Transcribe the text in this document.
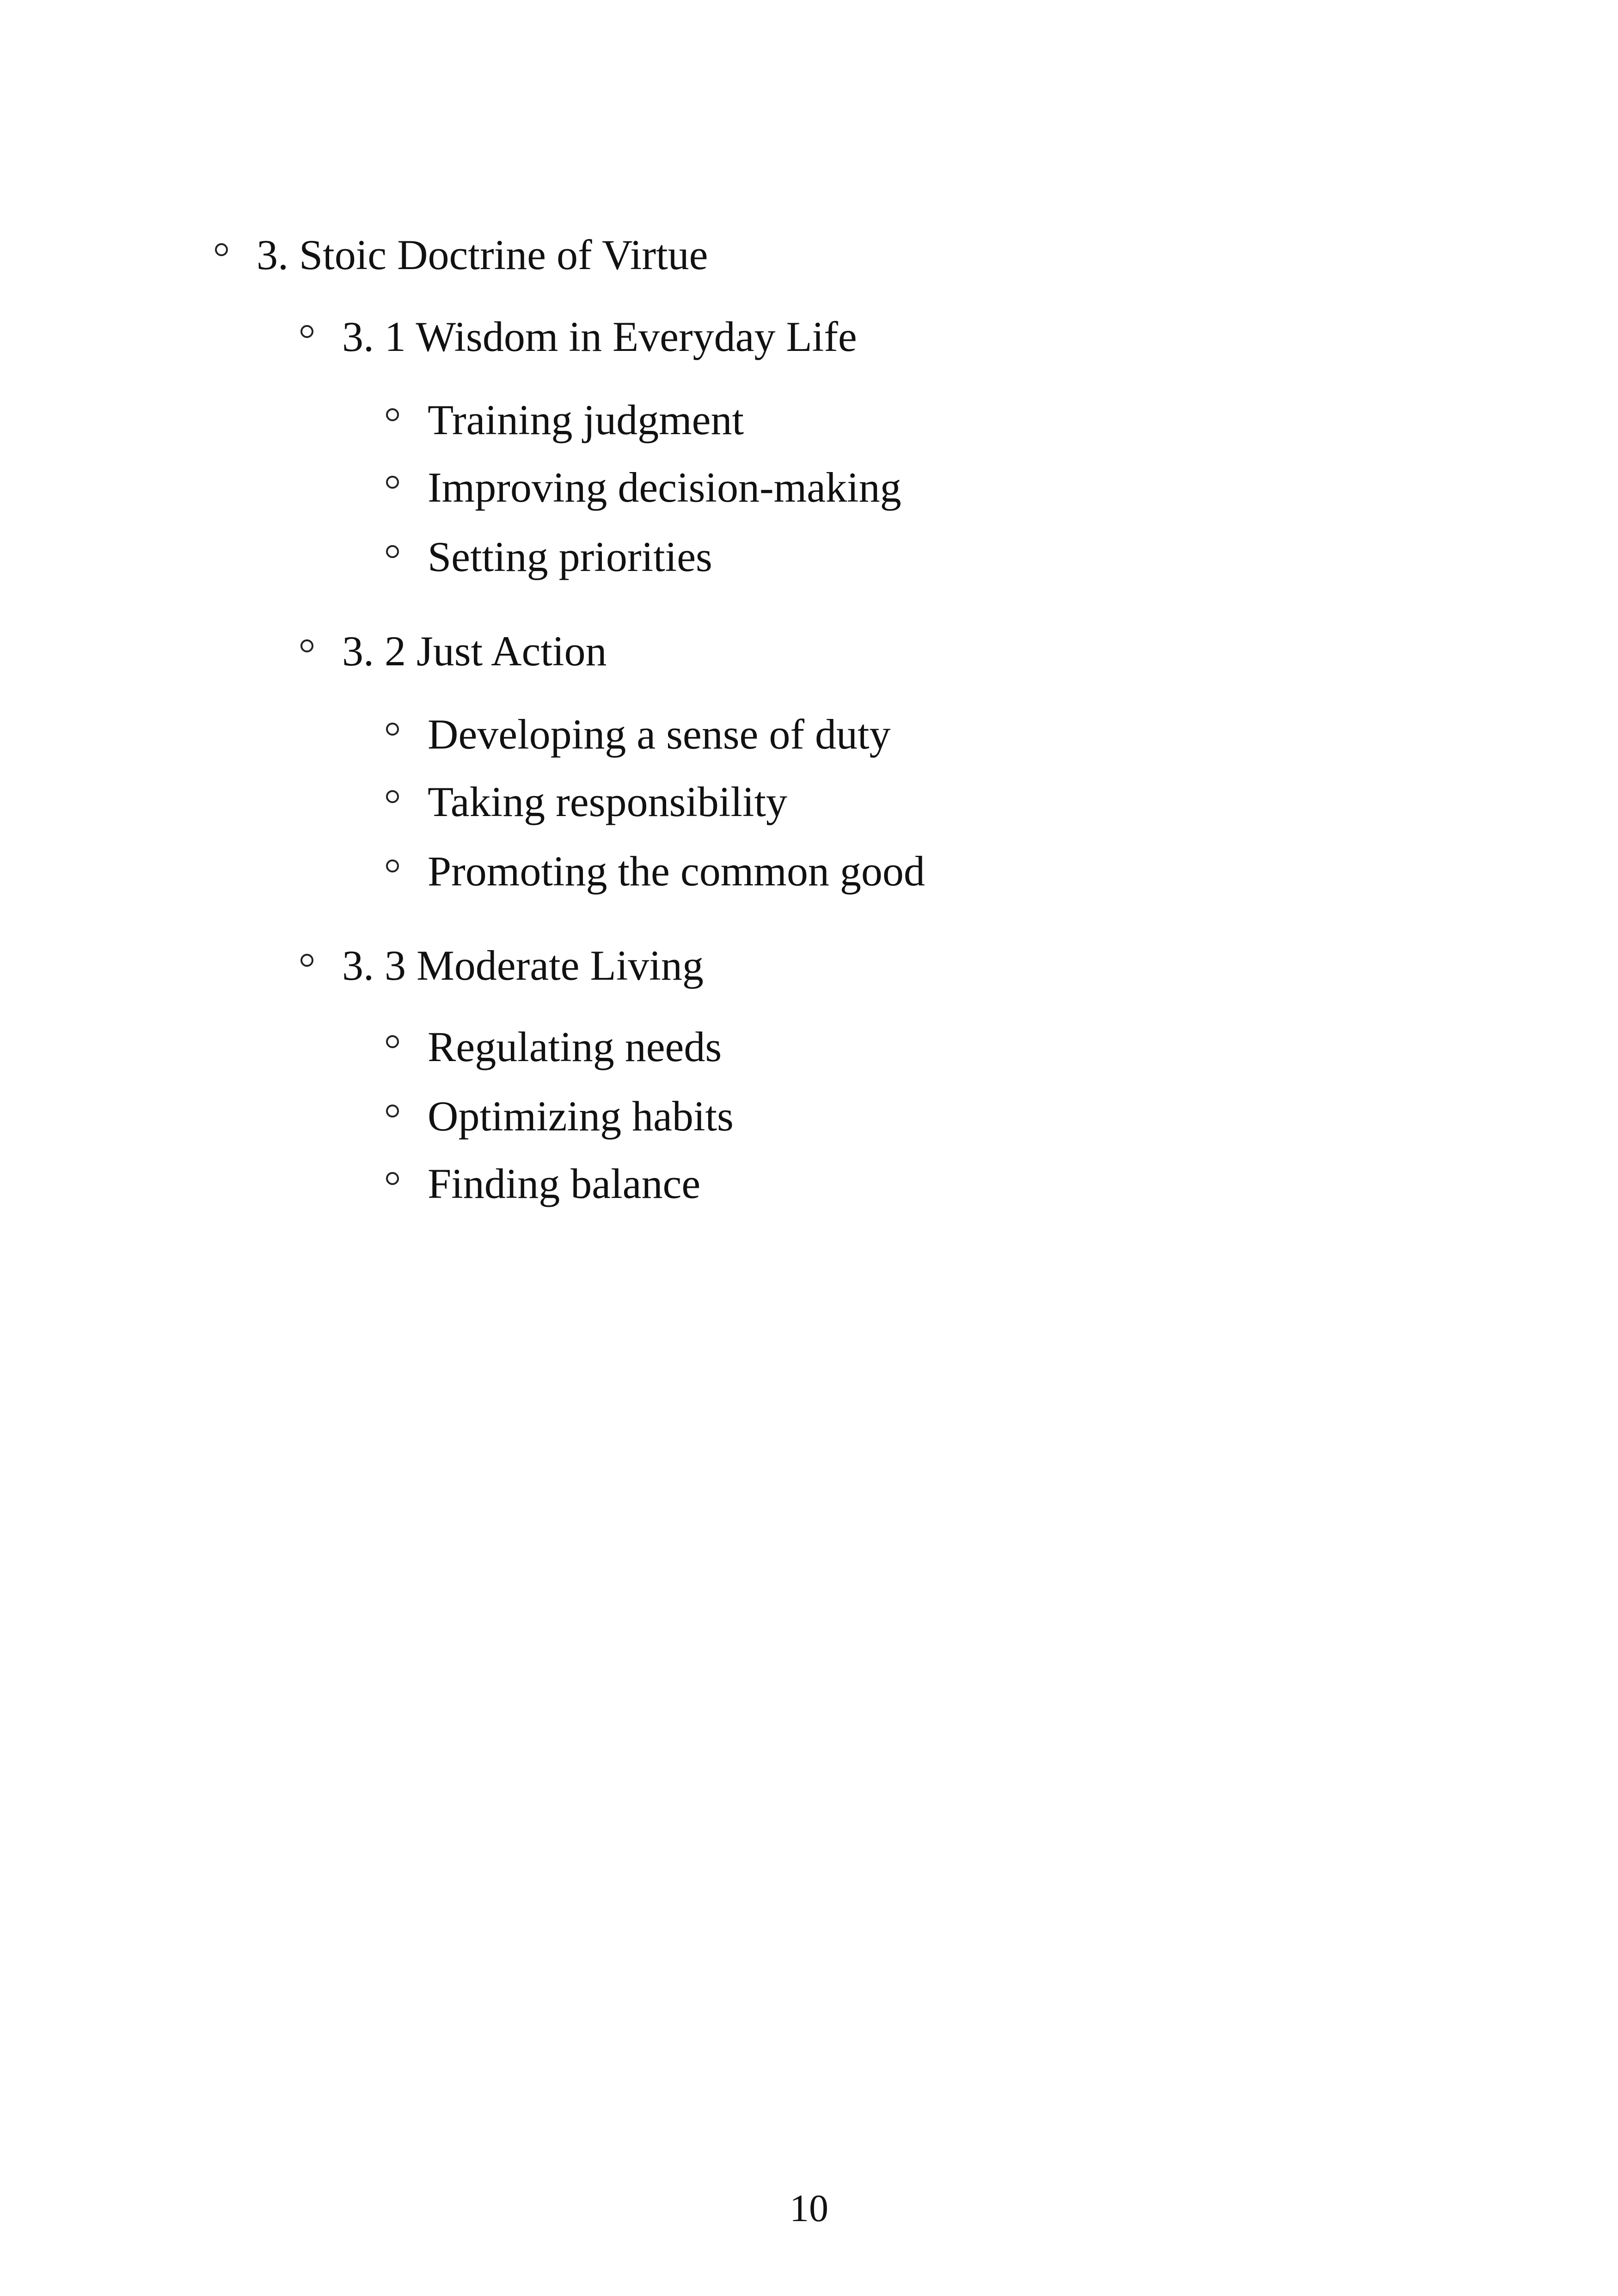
3. Stoic Doctrine of Virtue
3. 1 Wisdom in Everyday Life
Training judgment
Improving decision-making
Setting priorities
3. 2 Just Action
Developing a sense of duty
Taking responsibility
Promoting the common good
3. 3 Moderate Living
Regulating needs
Optimizing habits
Finding balance
10
